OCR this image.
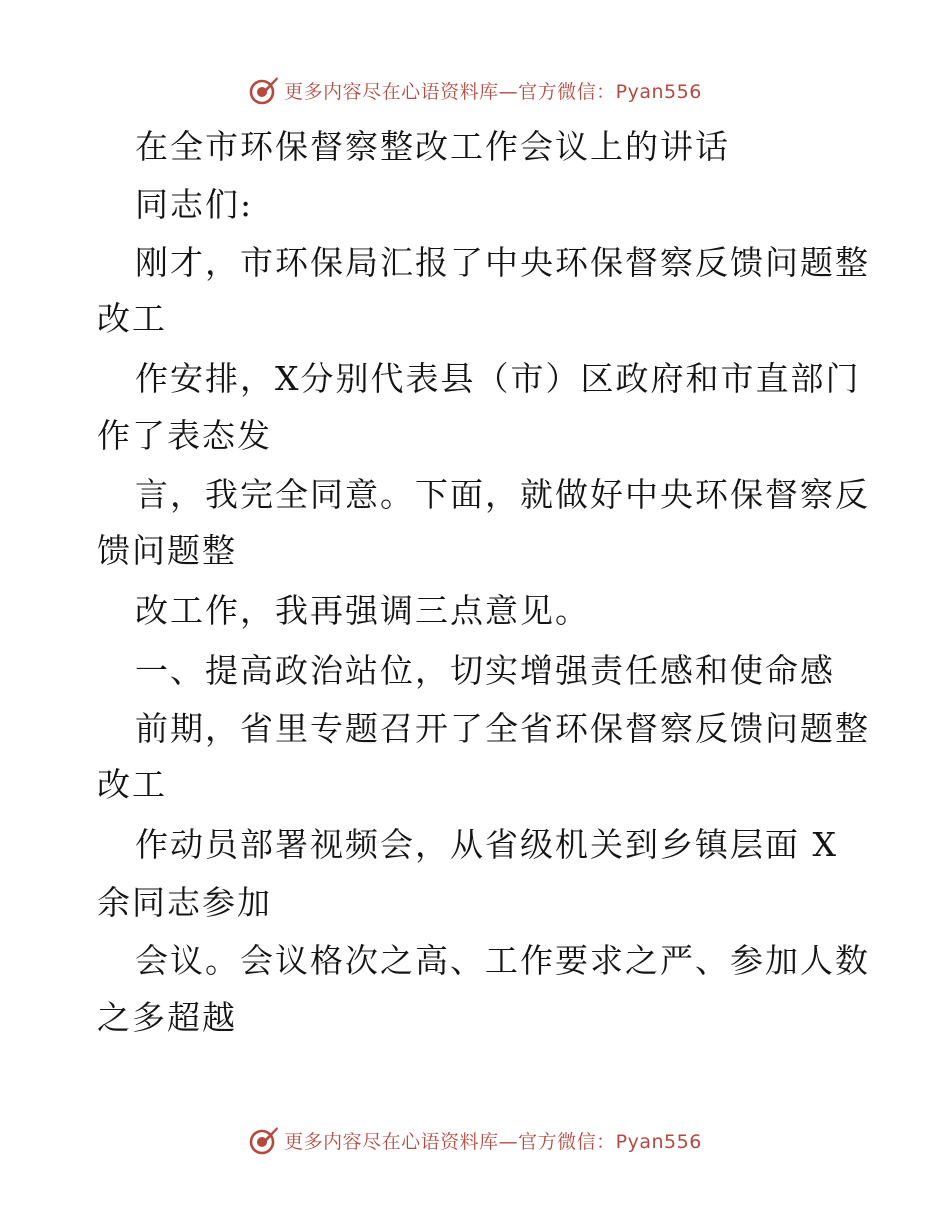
更多内容尽在心语资料库—官方微信：Pyan556
在全市环保督察整改工作会议上的讲话
同志们:
刚才，市环保局汇报了中央环保督察反馈问题整
改工
作安排，X分别代表县（市）区政府和市直部门
作了表态发
言，我完全同意。下面，就做好中央环保督察反
馈问题整
改工作，我再强调三点意见。
一、提高政治站位，切实增强责任感和使命感
前期，省里专题召开了全省环保督察反馈问题整
改工
作动员部署视频会，从省级机关到乡镇层面 X
余同志参加
会议。会议格次之高、工作要求之严、参加人数
之多超越
更多内容尽在心语资料库—官方微信：Pyan556
